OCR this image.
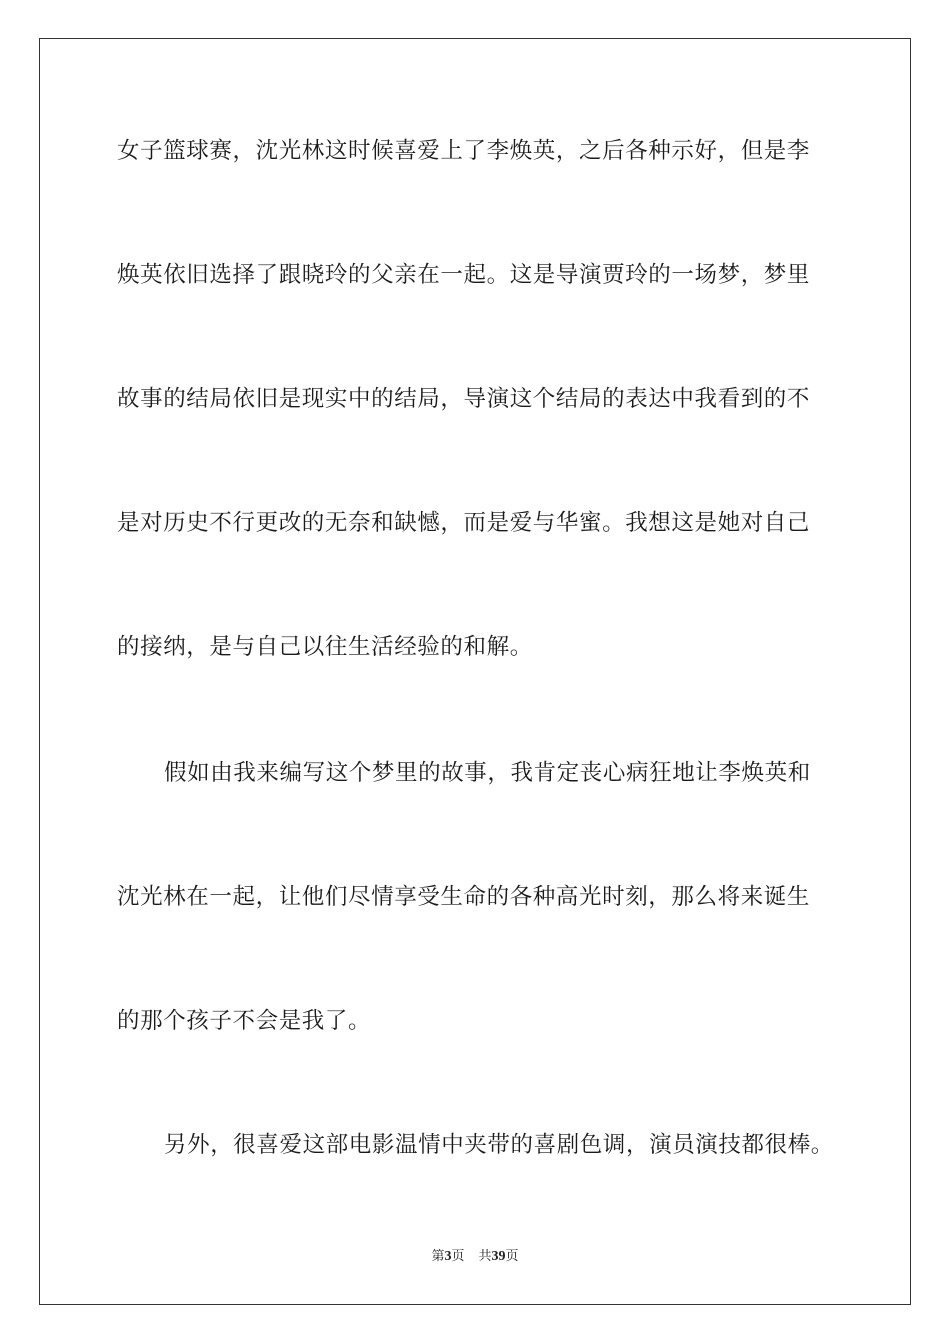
女子篮球赛，沈光林这时候喜爱上了李焕英，之后各种示好，但是李
焕英依旧选择了跟晓玲的父亲在一起。这是导演贾玲的一场梦，梦里
故事的结局依旧是现实中的结局，导演这个结局的表达中我看到的不
是对历史不行更改的无奈和缺憾，而是爱与华蜜。我想这是她对自己
的接纳，是与自己以往生活经验的和解。
假如由我来编写这个梦里的故事，我肯定丧心病狂地让李焕英和
沈光林在一起，让他们尽情享受生命的各种高光时刻，那么将来诞生
的那个孩子不会是我了。
另外，很喜爱这部电影温情中夹带的喜剧色调，演员演技都很棒。
第3页 共39页
